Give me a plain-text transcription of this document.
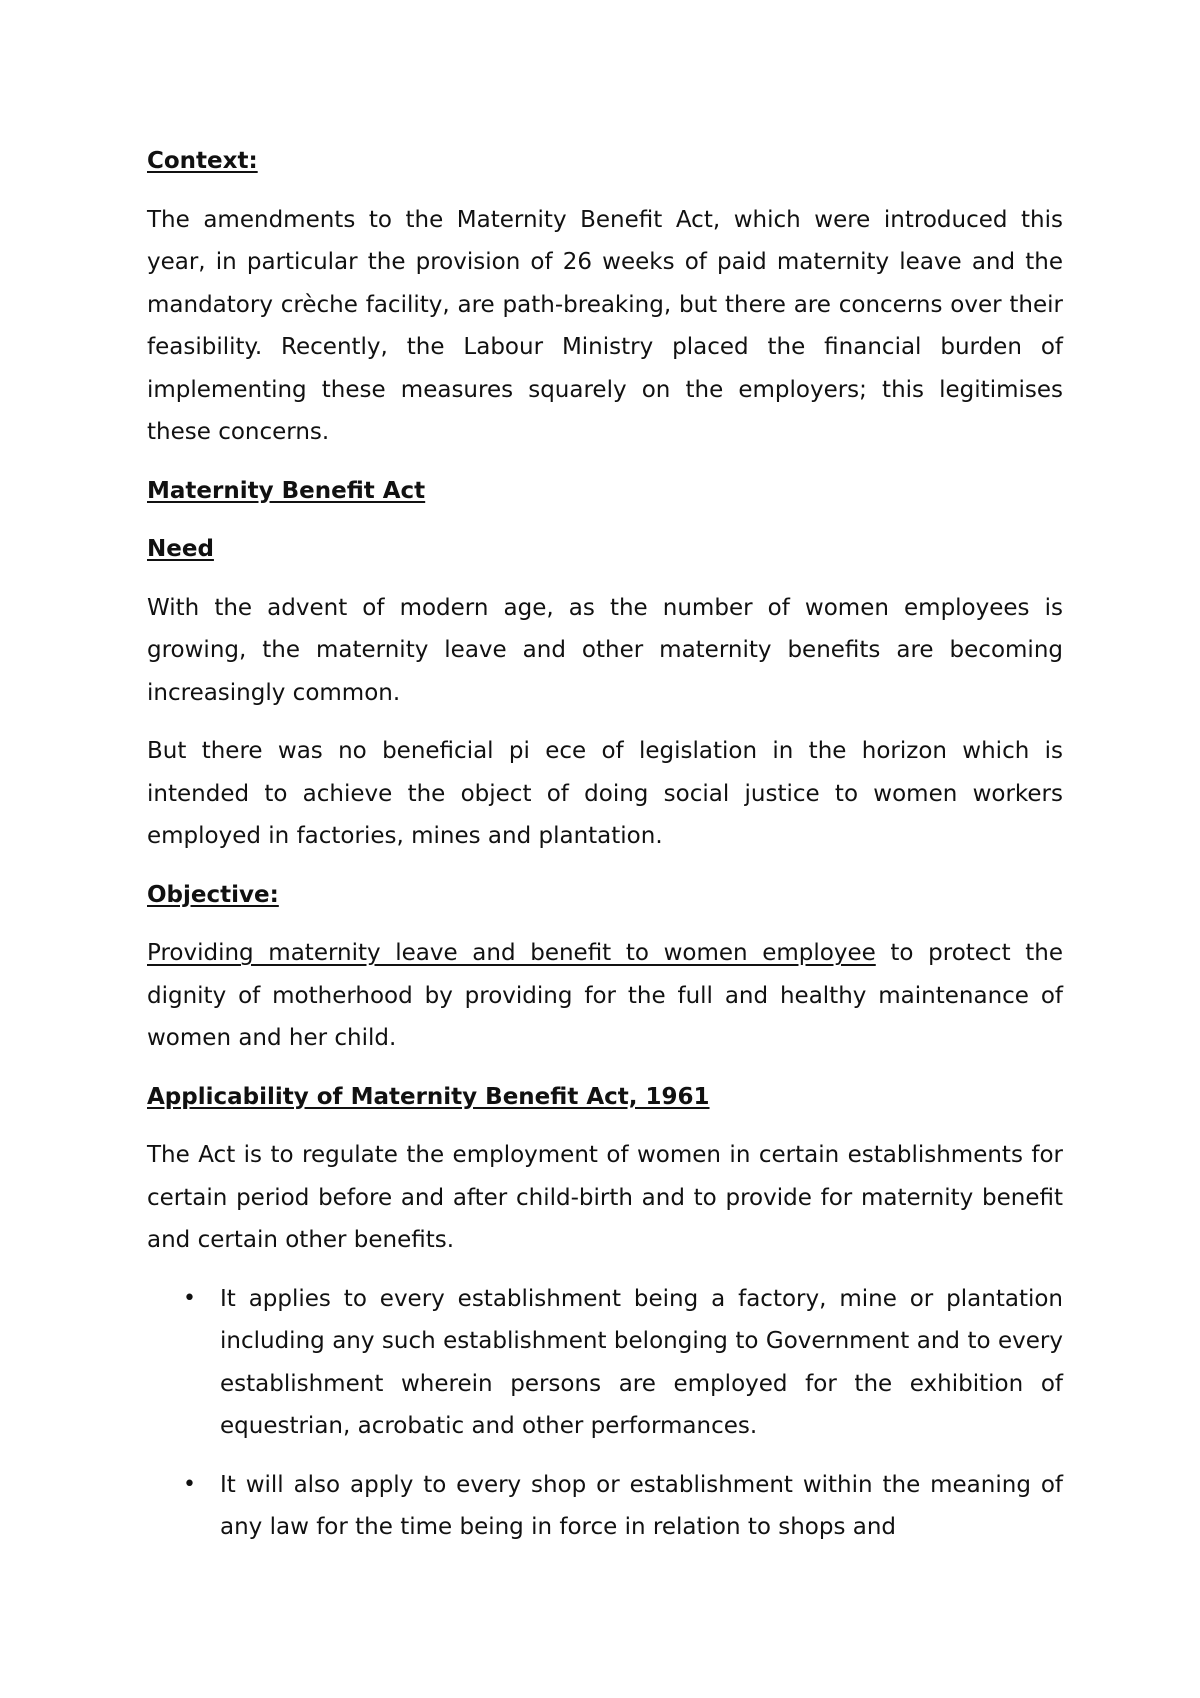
Context:
The amendments to the Maternity Benefit Act, which were introduced this year, in particular the provision of 26 weeks of paid maternity leave and the mandatory crèche facility, are path-breaking, but there are concerns over their feasibility. Recently, the Labour Ministry placed the financial burden of implementing these measures squarely on the employers; this legitimises these concerns.
Maternity Benefit Act
Need
With the advent of modern age, as the number of women employees is growing, the maternity leave and other maternity benefits are becoming increasingly common.
But there was no beneficial pi ece of legislation in the horizon which is intended to achieve the object of doing social justice to women workers employed in factories, mines and plantation.
Objective:
Providing maternity leave and benefit to women employee to protect the dignity of motherhood by providing for the full and healthy maintenance of women and her child.
Applicability of Maternity Benefit Act, 1961
The Act is to regulate the employment of women in certain establishments for certain period before and after child-birth and to provide for maternity benefit and certain other benefits.
• It applies to every establishment being a factory, mine or plantation including any such establishment belonging to Government and to every establishment wherein persons are employed for the exhibition of equestrian, acrobatic and other performances.
• It will also apply to every shop or establishment within the meaning of any law for the time being in force in relation to shops and
